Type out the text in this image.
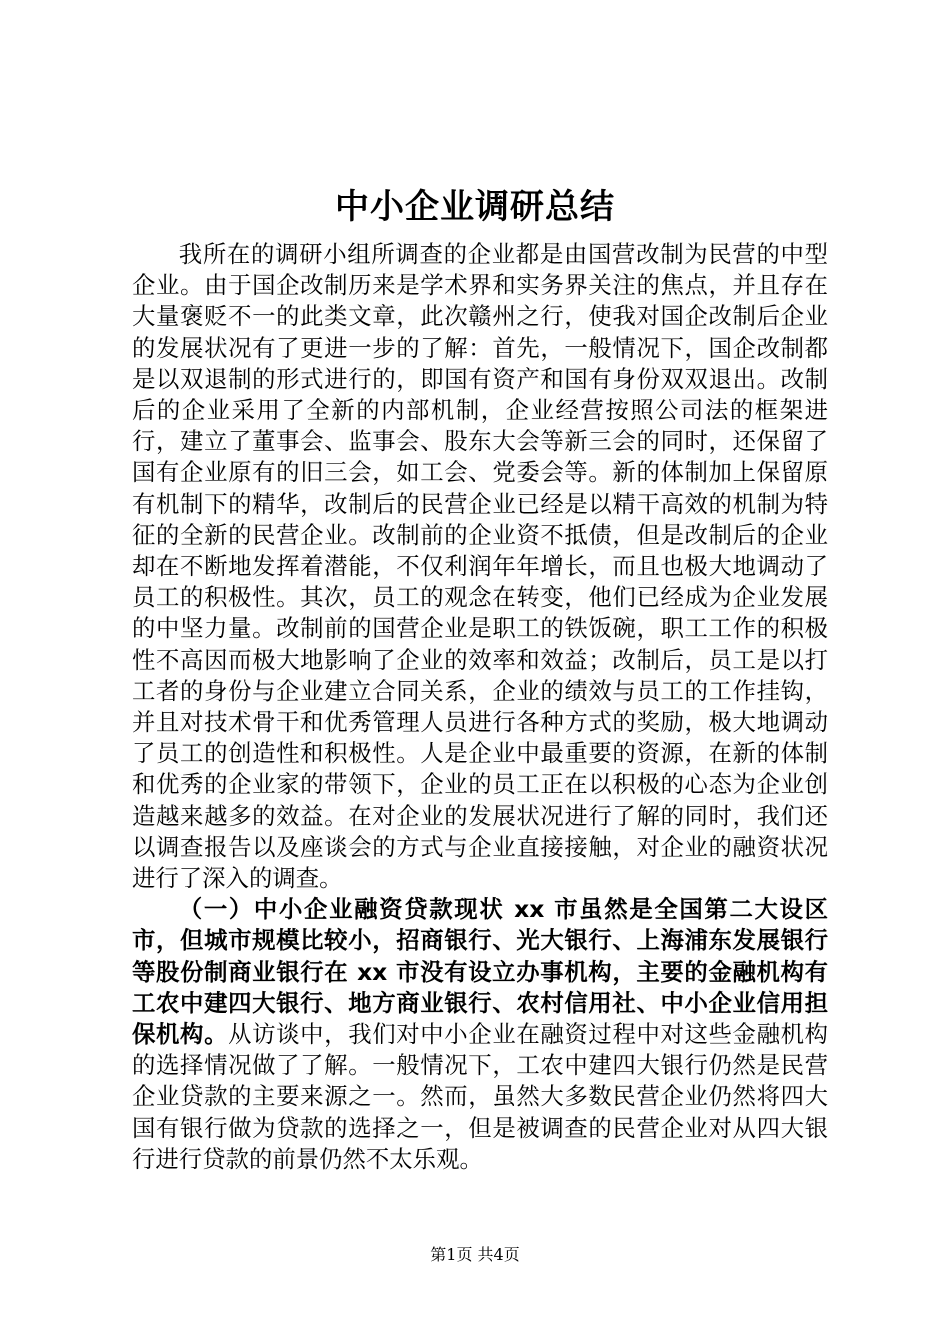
中小企业调研总结

我所在的调研小组所调查的企业都是由国营改制为民营的中型企业。由于国企改制历来是学术界和实务界关注的焦点，并且存在大量褒贬不一的此类文章，此次赣州之行，使我对国企改制后企业的发展状况有了更进一步的了解：首先，一般情况下，国企改制都是以双退制的形式进行的，即国有资产和国有身份双双退出。改制后的企业采用了全新的内部机制，企业经营按照公司法的框架进行，建立了董事会、监事会、股东大会等新三会的同时，还保留了国有企业原有的旧三会，如工会、党委会等。新的体制加上保留原有机制下的精华，改制后的民营企业已经是以精干高效的机制为特征的全新的民营企业。改制前的企业资不抵债，但是改制后的企业却在不断地发挥着潜能，不仅利润年年增长，而且也极大地调动了员工的积极性。其次，员工的观念在转变，他们已经成为企业发展的中坚力量。改制前的国营企业是职工的铁饭碗，职工工作的积极性不高因而极大地影响了企业的效率和效益；改制后，员工是以打工者的身份与企业建立合同关系，企业的绩效与员工的工作挂钩，并且对技术骨干和优秀管理人员进行各种方式的奖励，极大地调动了员工的创造性和积极性。人是企业中最重要的资源，在新的体制和优秀的企业家的带领下，企业的员工正在以积极的心态为企业创造越来越多的效益。在对企业的发展状况进行了解的同时，我们还以调查报告以及座谈会的方式与企业直接接触，对企业的融资状况进行了深入的调查。

（一）中小企业融资贷款现状 xx 市虽然是全国第二大设区市，但城市规模比较小，招商银行、光大银行、上海浦东发展银行等股份制商业银行在 xx 市没有设立办事机构，主要的金融机构有工农中建四大银行、地方商业银行、农村信用社、中小企业信用担保机构。从访谈中，我们对中小企业在融资过程中对这些金融机构的选择情况做了了解。一般情况下，工农中建四大银行仍然是民营企业贷款的主要来源之一。然而，虽然大多数民营企业仍然将四大国有银行做为贷款的选择之一，但是被调查的民营企业对从四大银行进行贷款的前景仍然不太乐观。

第1页 共4页
